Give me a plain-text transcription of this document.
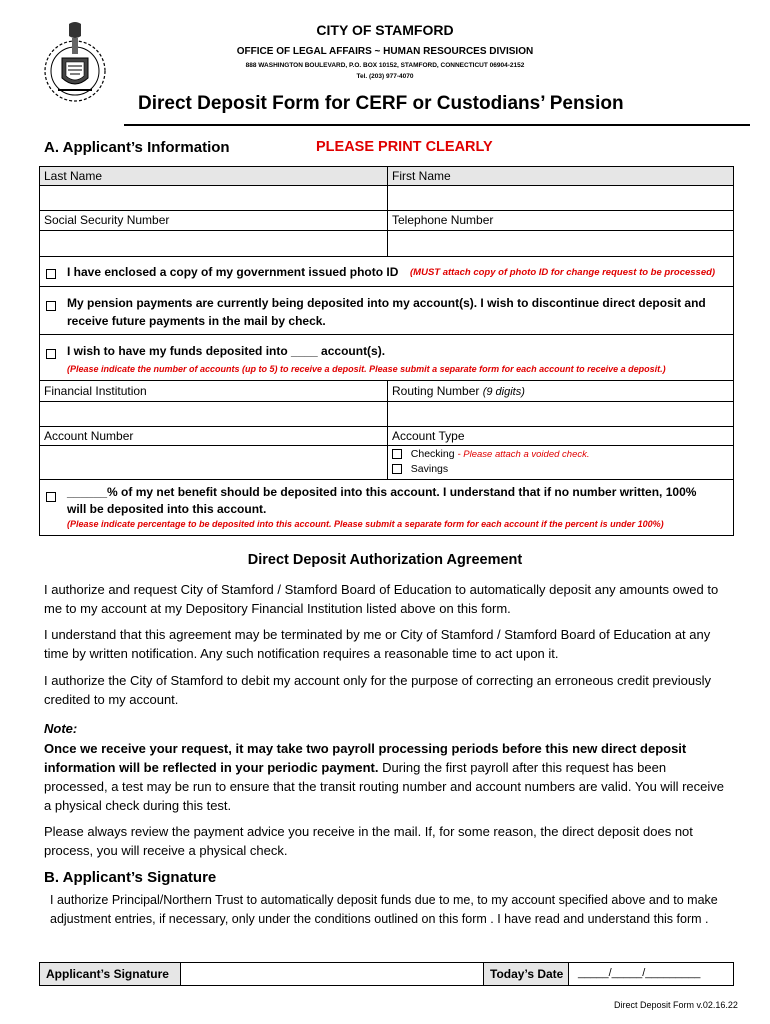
CITY OF STAMFORD
OFFICE OF LEGAL AFFAIRS ~ HUMAN RESOURCES DIVISION
888 WASHINGTON BOULEVARD, P.O. BOX 10152, STAMFORD, CONNECTICUT 06904-2152
Tel. (203) 977-4070
Direct Deposit Form for CERF or Custodians’ Pension
A. Applicant’s Information	PLEASE PRINT CLEARLY
Last Name	First Name
Social Security Number	Telephone Number
I have enclosed a copy of my government issued photo ID (MUST attach copy of photo ID for change request to be processed)
My pension payments are currently being deposited into my account(s). I wish to discontinue direct deposit and
receive future payments in the mail by check.
I wish to have my funds deposited into ____ account(s).
(Please indicate the number of accounts (up to 5) to receive a deposit. Please submit a separate form for each account to receive a deposit.)
Financial Institution	Routing Number (9 digits)
Account Number	Account Type
Checking - Please attach a voided check.
Savings
______% of my net benefit should be deposited into this account. I understand that if no number written, 100%
will be deposited into this account.
(Please indicate percentage to be deposited into this account. Please submit a separate form for each account if the percent is under 100%)
Direct Deposit Authorization Agreement
I authorize and request City of Stamford / Stamford Board of Education to automatically deposit any amounts owed to me to my account at my Depository Financial Institution listed above on this form.
I understand that this agreement may be terminated by me or City of Stamford / Stamford Board of Education at any time by written notification. Any such notification requires a reasonable time to act upon it.
I authorize the City of Stamford to debit my account only for the purpose of correcting an erroneous credit previously credited to my account.
Note:
Once we receive your request, it may take two payroll processing periods before this new direct deposit information will be reflected in your periodic payment. During the first payroll after this request has been processed, a test may be run to ensure that the transit routing number and account numbers are valid. You will receive a physical check during this test.
Please always review the payment advice you receive in the mail. If, for some reason, the direct deposit does not process, you will receive a physical check.
B. Applicant’s Signature
I authorize Principal/Northern Trust to automatically deposit funds due to me, to my account specified above and to make adjustment entries, if necessary, only under the conditions outlined on this form . I have read and understand this form .
Applicant’s Signature	Today’s Date _____/_____/_________
Direct Deposit Form v.02.16.22
